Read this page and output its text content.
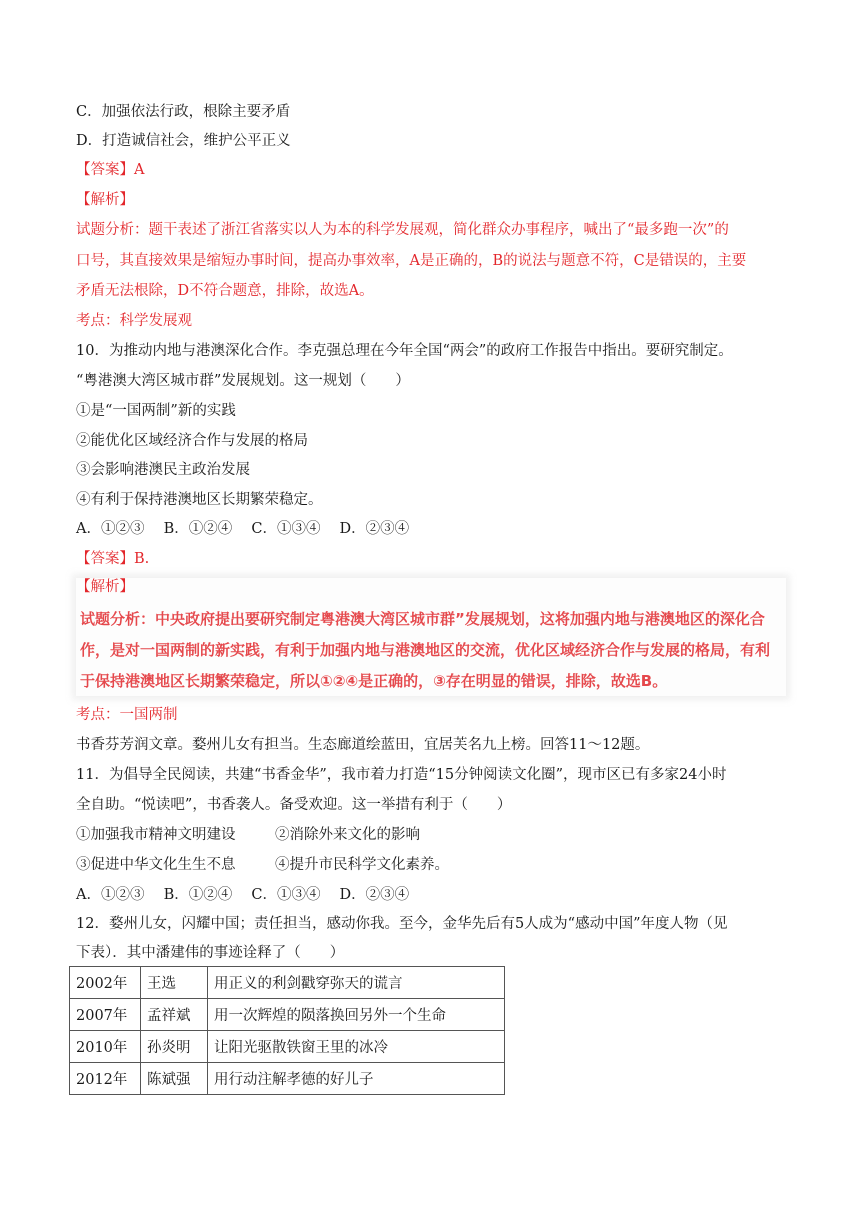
C．加强依法行政，根除主要矛盾
D．打造诚信社会，维护公平正义
【答案】A
【解析】
试题分析：题干表述了浙江省落实以人为本的科学发展观，简化群众办事程序，喊出了“最多跑一次”的
口号，其直接效果是缩短办事时间，提高办事效率，A是正确的，B的说法与题意不符，C是错误的，主要
矛盾无法根除，D不符合题意，排除，故选A。
考点：科学发展观
10．为推动内地与港澳深化合作。李克强总理在今年全国“两会”的政府工作报告中指出。要研究制定。
“粤港澳大湾区城市群”发展规划。这一规划（　　）
①是“一国两制”新的实践
②能优化区域经济合作与发展的格局
③会影响港澳民主政治发展
④有利于保持港澳地区长期繁荣稳定。
A．①②③　 B．①②④　 C．①③④　 D．②③④
【答案】B.
【解析】
试题分析：中央政府提出要研究制定粤港澳大湾区城市群”发展规划，这将加强内地与港澳地区的深化合
作，是对一国两制的新实践，有利于加强内地与港澳地区的交流，优化区域经济合作与发展的格局，有利
于保持港澳地区长期繁荣稳定，所以①②④是正确的，③存在明显的错误，排除，故选B。
考点：一国两制
书香芬芳润文章。婺州儿女有担当。生态廊道绘蓝田，宜居芙名九上榜。回答11～12题。
11．为倡导全民阅读，共建“书香金华”，我市着力打造“15分钟阅读文化圈”，现市区已有多家24小时
全自助。“悦读吧”，书香袭人。备受欢迎。这一举措有利于（　　）
①加强我市精神文明建设	②消除外来文化的影响
③促进中华文化生生不息	④提升市民科学文化素养。
A．①②③　 B．①②④　 C．①③④　 D．②③④
12．婺州儿女，闪耀中国；责任担当，感动你我。至今，金华先后有5人成为“感动中国”年度人物（见
下表）．其中潘建伟的事迹诠释了（　　）
2002年	王选	用正义的利剑戳穿弥天的谎言
2007年	孟祥斌	用一次辉煌的陨落换回另外一个生命
2010年	孙炎明	让阳光驱散铁窗王里的冰冷
2012年	陈斌强	用行动注解孝德的好儿子
